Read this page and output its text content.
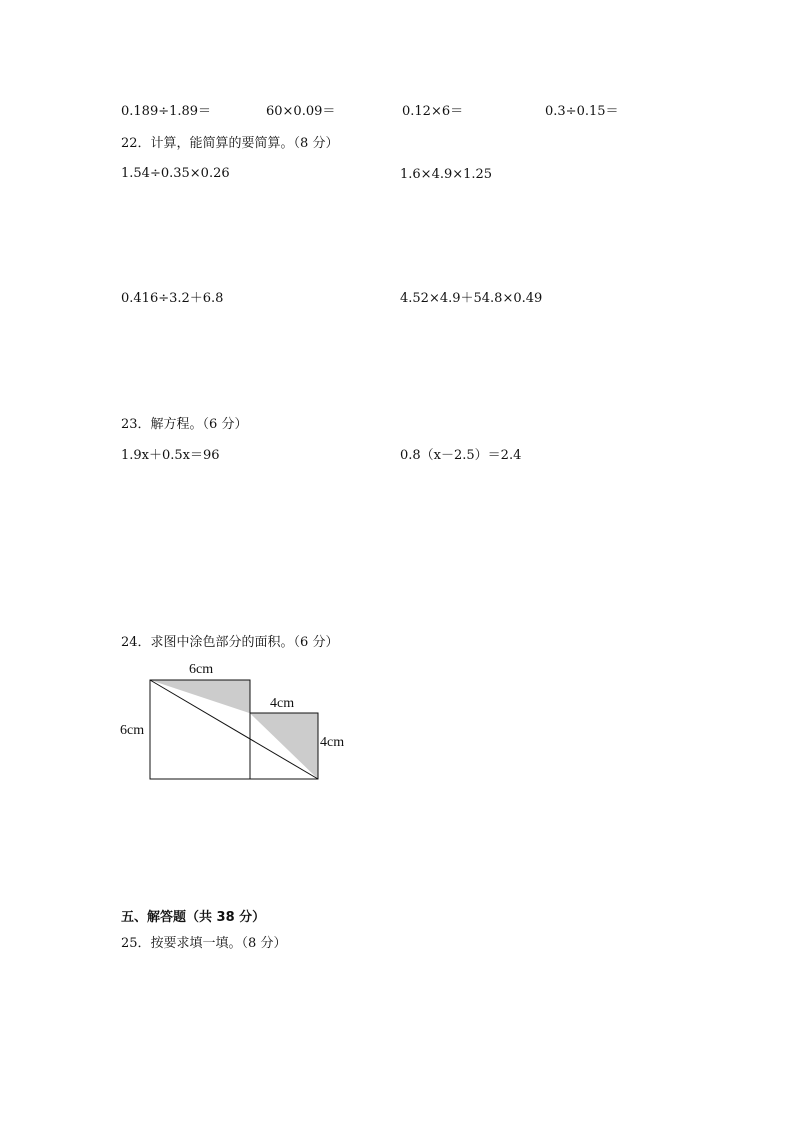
0.189÷1.89＝	60×0.09＝	0.12×6＝	0.3÷0.15＝
22．计算，能简算的要简算。（8 分）
1.54÷0.35×0.26	1.6×4.9×1.25
0.416÷3.2＋6.8	4.52×4.9＋54.8×0.49
23．解方程。（6 分）
1.9x＋0.5x＝96	0.8（x－2.5）＝2.4
24．求图中涂色部分的面积。（6 分）
6cm
6cm
4cm
4cm
五、解答题（共 38 分）
25．按要求填一填。（8 分）
